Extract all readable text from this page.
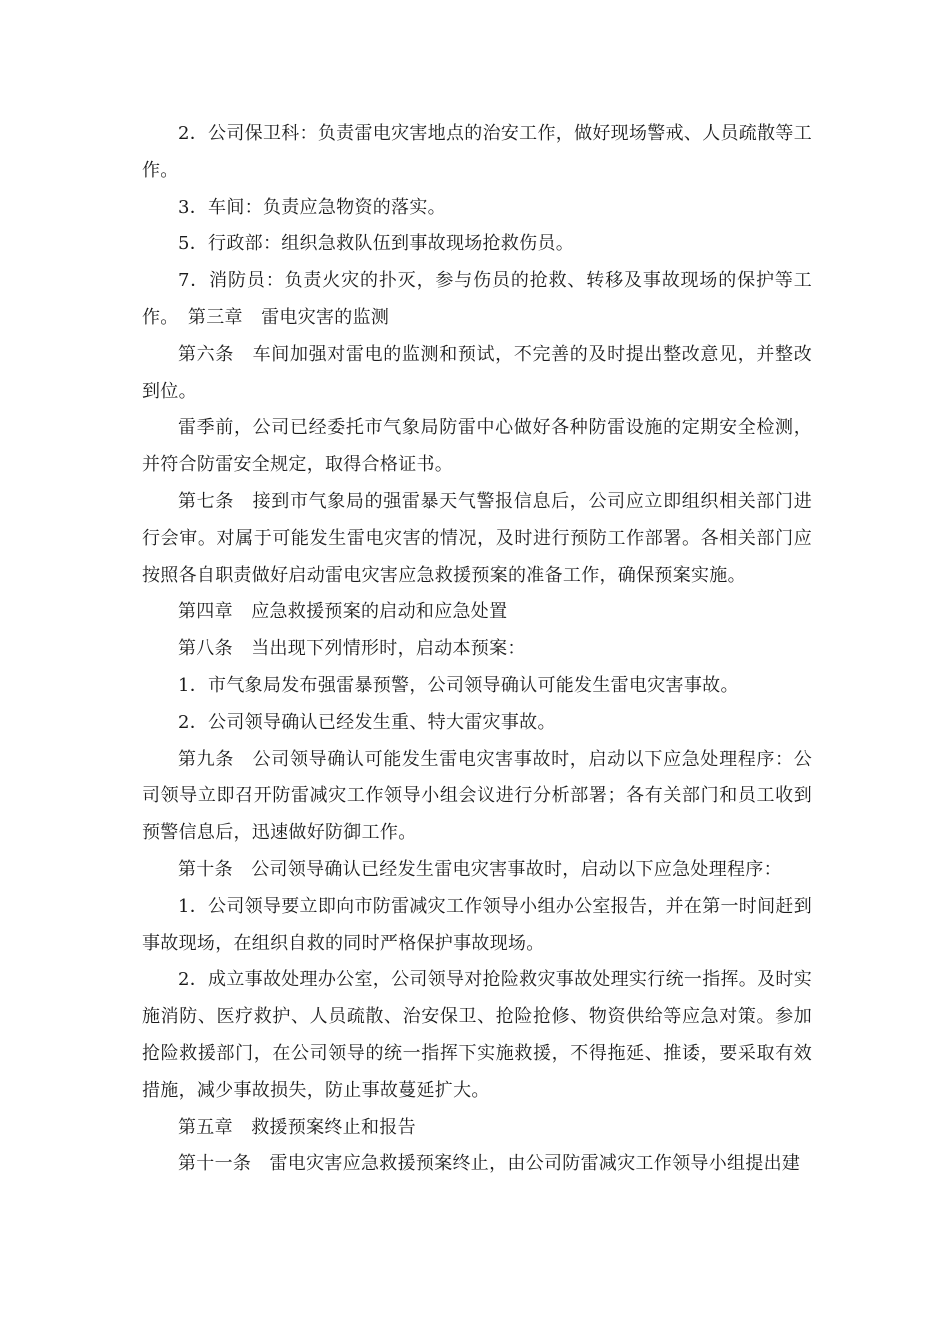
2．公司保卫科：负责雷电灾害地点的治安工作，做好现场警戒、人员疏散等工作。

3．车间：负责应急物资的落实。

5．行政部：组织急救队伍到事故现场抢救伤员。

7．消防员：负责火灾的扑灭，参与伤员的抢救、转移及事故现场的保护等工作。　第三章　雷电灾害的监测

第六条　车间加强对雷电的监测和预试，不完善的及时提出整改意见，并整改到位。

雷季前，公司已经委托市气象局防雷中心做好各种防雷设施的定期安全检测，并符合防雷安全规定，取得合格证书。

第七条　接到市气象局的强雷暴天气警报信息后，公司应立即组织相关部门进行会审。对属于可能发生雷电灾害的情况，及时进行预防工作部署。各相关部门应按照各自职责做好启动雷电灾害应急救援预案的准备工作，确保预案实施。

第四章　应急救援预案的启动和应急处置

第八条　当出现下列情形时，启动本预案：

1．市气象局发布强雷暴预警，公司领导确认可能发生雷电灾害事故。

2．公司领导确认已经发生重、特大雷灾事故。

第九条　公司领导确认可能发生雷电灾害事故时，启动以下应急处理程序：公司领导立即召开防雷减灾工作领导小组会议进行分析部署；各有关部门和员工收到预警信息后，迅速做好防御工作。

第十条　公司领导确认已经发生雷电灾害事故时，启动以下应急处理程序：

1．公司领导要立即向市防雷减灾工作领导小组办公室报告，并在第一时间赶到事故现场，在组织自救的同时严格保护事故现场。

2．成立事故处理办公室，公司领导对抢险救灾事故处理实行统一指挥。及时实施消防、医疗救护、人员疏散、治安保卫、抢险抢修、物资供给等应急对策。参加抢险救援部门，在公司领导的统一指挥下实施救援，不得拖延、推诿，要采取有效措施，减少事故损失，防止事故蔓延扩大。

第五章　救援预案终止和报告

第十一条　雷电灾害应急救援预案终止，由公司防雷减灾工作领导小组提出建
